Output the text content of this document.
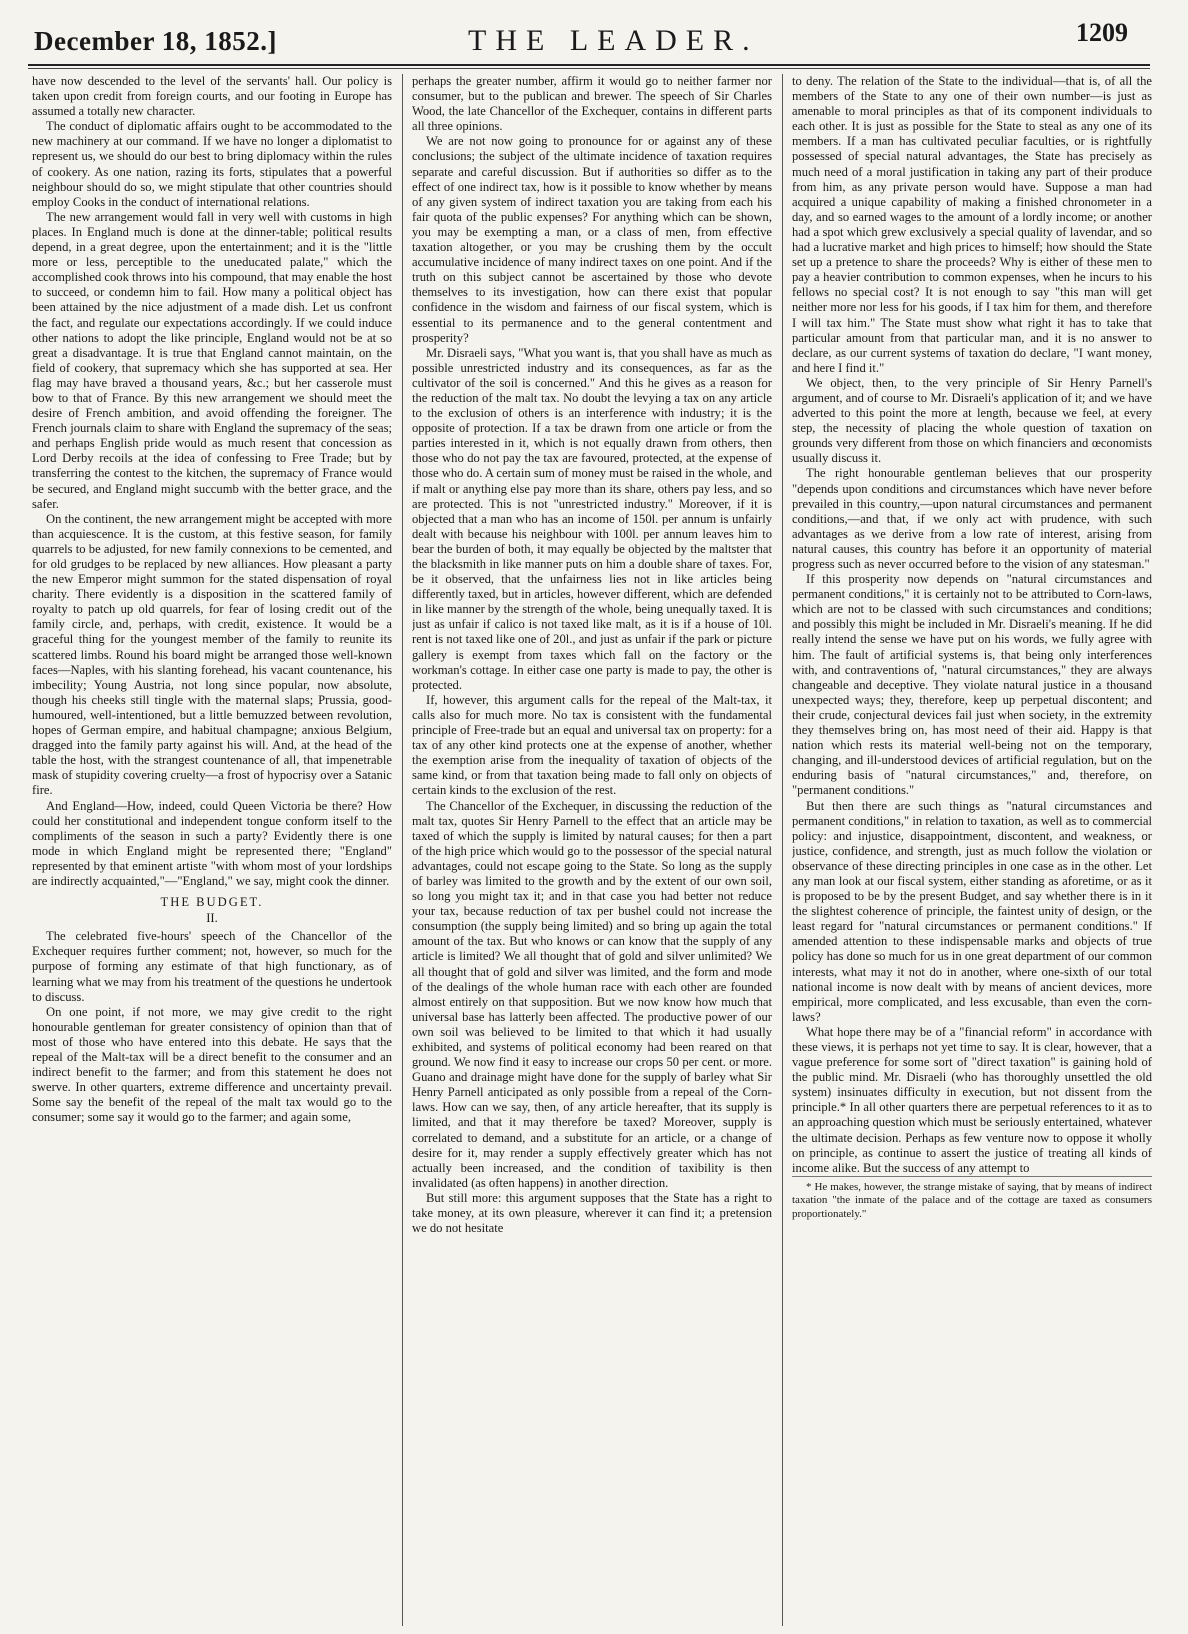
December 18, 1852.]	THE LEADER.	1209

have now descended to the level of the servants' hall. Our policy is taken upon credit from foreign courts, and our footing in Europe has assumed a totally new character.

The conduct of diplomatic affairs ought to be accommodated to the new machinery at our command. If we have no longer a diplomatist to represent us, we should do our best to bring diplomacy within the rules of cookery. As one nation, razing its forts, stipulates that a powerful neighbour should do so, we might stipulate that other countries should employ Cooks in the conduct of international relations.

The new arrangement would fall in very well with customs in high places. In England much is done at the dinner-table; political results depend, in a great degree, upon the entertainment; and it is the "little more or less, perceptible to the uneducated palate," which the accomplished cook throws into his compound, that may enable the host to succeed, or condemn him to fail. How many a political object has been attained by the nice adjustment of a made dish. Let us confront the fact, and regulate our expectations accordingly. If we could induce other nations to adopt the like principle, England would not be at so great a disadvantage. It is true that England cannot maintain, on the field of cookery, that supremacy which she has supported at sea. Her flag may have braved a thousand years, &c.; but her casserole must bow to that of France. By this new arrangement we should meet the desire of French ambition, and avoid offending the foreigner. The French journals claim to share with England the supremacy of the seas; and perhaps English pride would as much resent that concession as Lord Derby recoils at the idea of confessing to Free Trade; but by transferring the contest to the kitchen, the supremacy of France would be secured, and England might succumb with the better grace, and the safer.

On the continent, the new arrangement might be accepted with more than acquiescence. It is the custom, at this festive season, for family quarrels to be adjusted, for new family connexions to be cemented, and for old grudges to be replaced by new alliances. How pleasant a party the new Emperor might summon for the stated dispensation of royal charity. There evidently is a disposition in the scattered family of royalty to patch up old quarrels, for fear of losing credit out of the family circle, and, perhaps, with credit, existence. It would be a graceful thing for the youngest member of the family to reunite its scattered limbs. Round his board might be arranged those well-known faces—Naples, with his slanting forehead, his vacant countenance, his imbecility; Young Austria, not long since popular, now absolute, though his cheeks still tingle with the maternal slaps; Prussia, good-humoured, well-intentioned, but a little bemuzzed between revolution, hopes of German empire, and habitual champagne; anxious Belgium, dragged into the family party against his will. And, at the head of the table the host, with the strangest countenance of all, that impenetrable mask of stupidity covering cruelty—a frost of hypocrisy over a Satanic fire.

And England—How, indeed, could Queen Victoria be there? How could her constitutional and independent tongue conform itself to the compliments of the season in such a party? Evidently there is one mode in which England might be represented there; "England" represented by that eminent artiste "with whom most of your lordships are indirectly acquainted,"—"England," we say, might cook the dinner.

THE BUDGET.
II.

The celebrated five-hours' speech of the Chancellor of the Exchequer requires further comment; not, however, so much for the purpose of forming any estimate of that high functionary, as of learning what we may from his treatment of the questions he undertook to discuss.

On one point, if not more, we may give credit to the right honourable gentleman for greater consistency of opinion than that of most of those who have entered into this debate. He says that the repeal of the Malt-tax will be a direct benefit to the consumer and an indirect benefit to the farmer; and from this statement he does not swerve. In other quarters, extreme difference and uncertainty prevail. Some say the benefit of the repeal of the malt tax would go to the consumer; some say it would go to the farmer; and again some,

perhaps the greater number, affirm it would go to neither farmer nor consumer, but to the publican and brewer. The speech of Sir Charles Wood, the late Chancellor of the Exchequer, contains in different parts all three opinions.

We are not now going to pronounce for or against any of these conclusions; the subject of the ultimate incidence of taxation requires separate and careful discussion. But if authorities so differ as to the effect of one indirect tax, how is it possible to know whether by means of any given system of indirect taxation you are taking from each his fair quota of the public expenses? For anything which can be shown, you may be exempting a man, or a class of men, from effective taxation altogether, or you may be crushing them by the occult accumulative incidence of many indirect taxes on one point. And if the truth on this subject cannot be ascertained by those who devote themselves to its investigation, how can there exist that popular confidence in the wisdom and fairness of our fiscal system, which is essential to its permanence and to the general contentment and prosperity?

Mr. Disraeli says, "What you want is, that you shall have as much as possible unrestricted industry and its consequences, as far as the cultivator of the soil is concerned." And this he gives as a reason for the reduction of the malt tax. No doubt the levying a tax on any article to the exclusion of others is an interference with industry; it is the opposite of protection. If a tax be drawn from one article or from the parties interested in it, which is not equally drawn from others, then those who do not pay the tax are favoured, protected, at the expense of those who do. A certain sum of money must be raised in the whole, and if malt or anything else pay more than its share, others pay less, and so are protected. This is not "unrestricted industry." Moreover, if it is objected that a man who has an income of 150l. per annum is unfairly dealt with because his neighbour with 100l. per annum leaves him to bear the burden of both, it may equally be objected by the maltster that the blacksmith in like manner puts on him a double share of taxes. For, be it observed, that the unfairness lies not in like articles being differently taxed, but in articles, however different, which are defended in like manner by the strength of the whole, being unequally taxed. It is just as unfair if calico is not taxed like malt, as it is if a house of 10l. rent is not taxed like one of 20l., and just as unfair if the park or picture gallery is exempt from taxes which fall on the factory or the workman's cottage. In either case one party is made to pay, the other is protected.

If, however, this argument calls for the repeal of the Malt-tax, it calls also for much more. No tax is consistent with the fundamental principle of Free-trade but an equal and universal tax on property: for a tax of any other kind protects one at the expense of another, whether the exemption arise from the inequality of taxation of objects of the same kind, or from that taxation being made to fall only on objects of certain kinds to the exclusion of the rest.

The Chancellor of the Exchequer, in discussing the reduction of the malt tax, quotes Sir Henry Parnell to the effect that an article may be taxed of which the supply is limited by natural causes; for then a part of the high price which would go to the possessor of the special natural advantages, could not escape going to the State. So long as the supply of barley was limited to the growth and by the extent of our own soil, so long you might tax it; and in that case you had better not reduce your tax, because reduction of tax per bushel could not increase the consumption (the supply being limited) and so bring up again the total amount of the tax. But who knows or can know that the supply of any article is limited? We all thought that of gold and silver unlimited? We all thought that of gold and silver was limited, and the form and mode of the dealings of the whole human race with each other are founded almost entirely on that supposition. But we now know how much that universal base has latterly been affected. The productive power of our own soil was believed to be limited to that which it had usually exhibited, and systems of political economy had been reared on that ground. We now find it easy to increase our crops 50 per cent. or more. Guano and drainage might have done for the supply of barley what Sir Henry Parnell anticipated as only possible from a repeal of the Corn-laws. How can we say, then, of any article hereafter, that its supply is limited, and that it may therefore be taxed? Moreover, supply is correlated to demand, and a substitute for an article, or a change of desire for it, may render a supply effectively greater which has not actually been increased, and the condition of taxibility is then invalidated (as often happens) in another direction.

But still more: this argument supposes that the State has a right to take money, at its own pleasure, wherever it can find it; a pretension we do not hesitate

to deny. The relation of the State to the individual—that is, of all the members of the State to any one of their own number—is just as amenable to moral principles as that of its component individuals to each other. It is just as possible for the State to steal as any one of its members. If a man has cultivated peculiar faculties, or is rightfully possessed of special natural advantages, the State has precisely as much need of a moral justification in taking any part of their produce from him, as any private person would have. Suppose a man had acquired a unique capability of making a finished chronometer in a day, and so earned wages to the amount of a lordly income; or another had a spot which grew exclusively a special quality of lavendar, and so had a lucrative market and high prices to himself; how should the State set up a pretence to share the proceeds? Why is either of these men to pay a heavier contribution to common expenses, when he incurs to his fellows no special cost? It is not enough to say "this man will get neither more nor less for his goods, if I tax him for them, and therefore I will tax him." The State must show what right it has to take that particular amount from that particular man, and it is no answer to declare, as our current systems of taxation do declare, "I want money, and here I find it."

We object, then, to the very principle of Sir Henry Parnell's argument, and of course to Mr. Disraeli's application of it; and we have adverted to this point the more at length, because we feel, at every step, the necessity of placing the whole question of taxation on grounds very different from those on which financiers and œconomists usually discuss it.

The right honourable gentleman believes that our prosperity "depends upon conditions and circumstances which have never before prevailed in this country,—upon natural circumstances and permanent conditions,—and that, if we only act with prudence, with such advantages as we derive from a low rate of interest, arising from natural causes, this country has before it an opportunity of material progress such as never occurred before to the vision of any statesman."

If this prosperity now depends on "natural circumstances and permanent conditions," it is certainly not to be attributed to Corn-laws, which are not to be classed with such circumstances and conditions; and possibly this might be included in Mr. Disraeli's meaning. If he did really intend the sense we have put on his words, we fully agree with him. The fault of artificial systems is, that being only interferences with, and contraventions of, "natural circumstances," they are always changeable and deceptive. They violate natural justice in a thousand unexpected ways; they, therefore, keep up perpetual discontent; and their crude, conjectural devices fail just when society, in the extremity they themselves bring on, has most need of their aid. Happy is that nation which rests its material well-being not on the temporary, changing, and ill-understood devices of artificial regulation, but on the enduring basis of "natural circumstances," and, therefore, on "permanent conditions."

But then there are such things as "natural circumstances and permanent conditions," in relation to taxation, as well as to commercial policy: and injustice, disappointment, discontent, and weakness, or justice, confidence, and strength, just as much follow the violation or observance of these directing principles in one case as in the other. Let any man look at our fiscal system, either standing as aforetime, or as it is proposed to be by the present Budget, and say whether there is in it the slightest coherence of principle, the faintest unity of design, or the least regard for "natural circumstances or permanent conditions." If amended attention to these indispensable marks and objects of true policy has done so much for us in one great department of our common interests, what may it not do in another, where one-sixth of our total national income is now dealt with by means of ancient devices, more empirical, more complicated, and less excusable, than even the corn-laws?

What hope there may be of a "financial reform" in accordance with these views, it is perhaps not yet time to say. It is clear, however, that a vague preference for some sort of "direct taxation" is gaining hold of the public mind. Mr. Disraeli (who has thoroughly unsettled the old system) insinuates difficulty in execution, but not dissent from the principle.* In all other quarters there are perpetual references to it as to an approaching question which must be seriously entertained, whatever the ultimate decision. Perhaps as few venture now to oppose it wholly on principle, as continue to assert the justice of treating all kinds of income alike. But the success of any attempt to

* He makes, however, the strange mistake of saying, that by means of indirect taxation "the inmate of the palace and of the cottage are taxed as consumers proportionately."
